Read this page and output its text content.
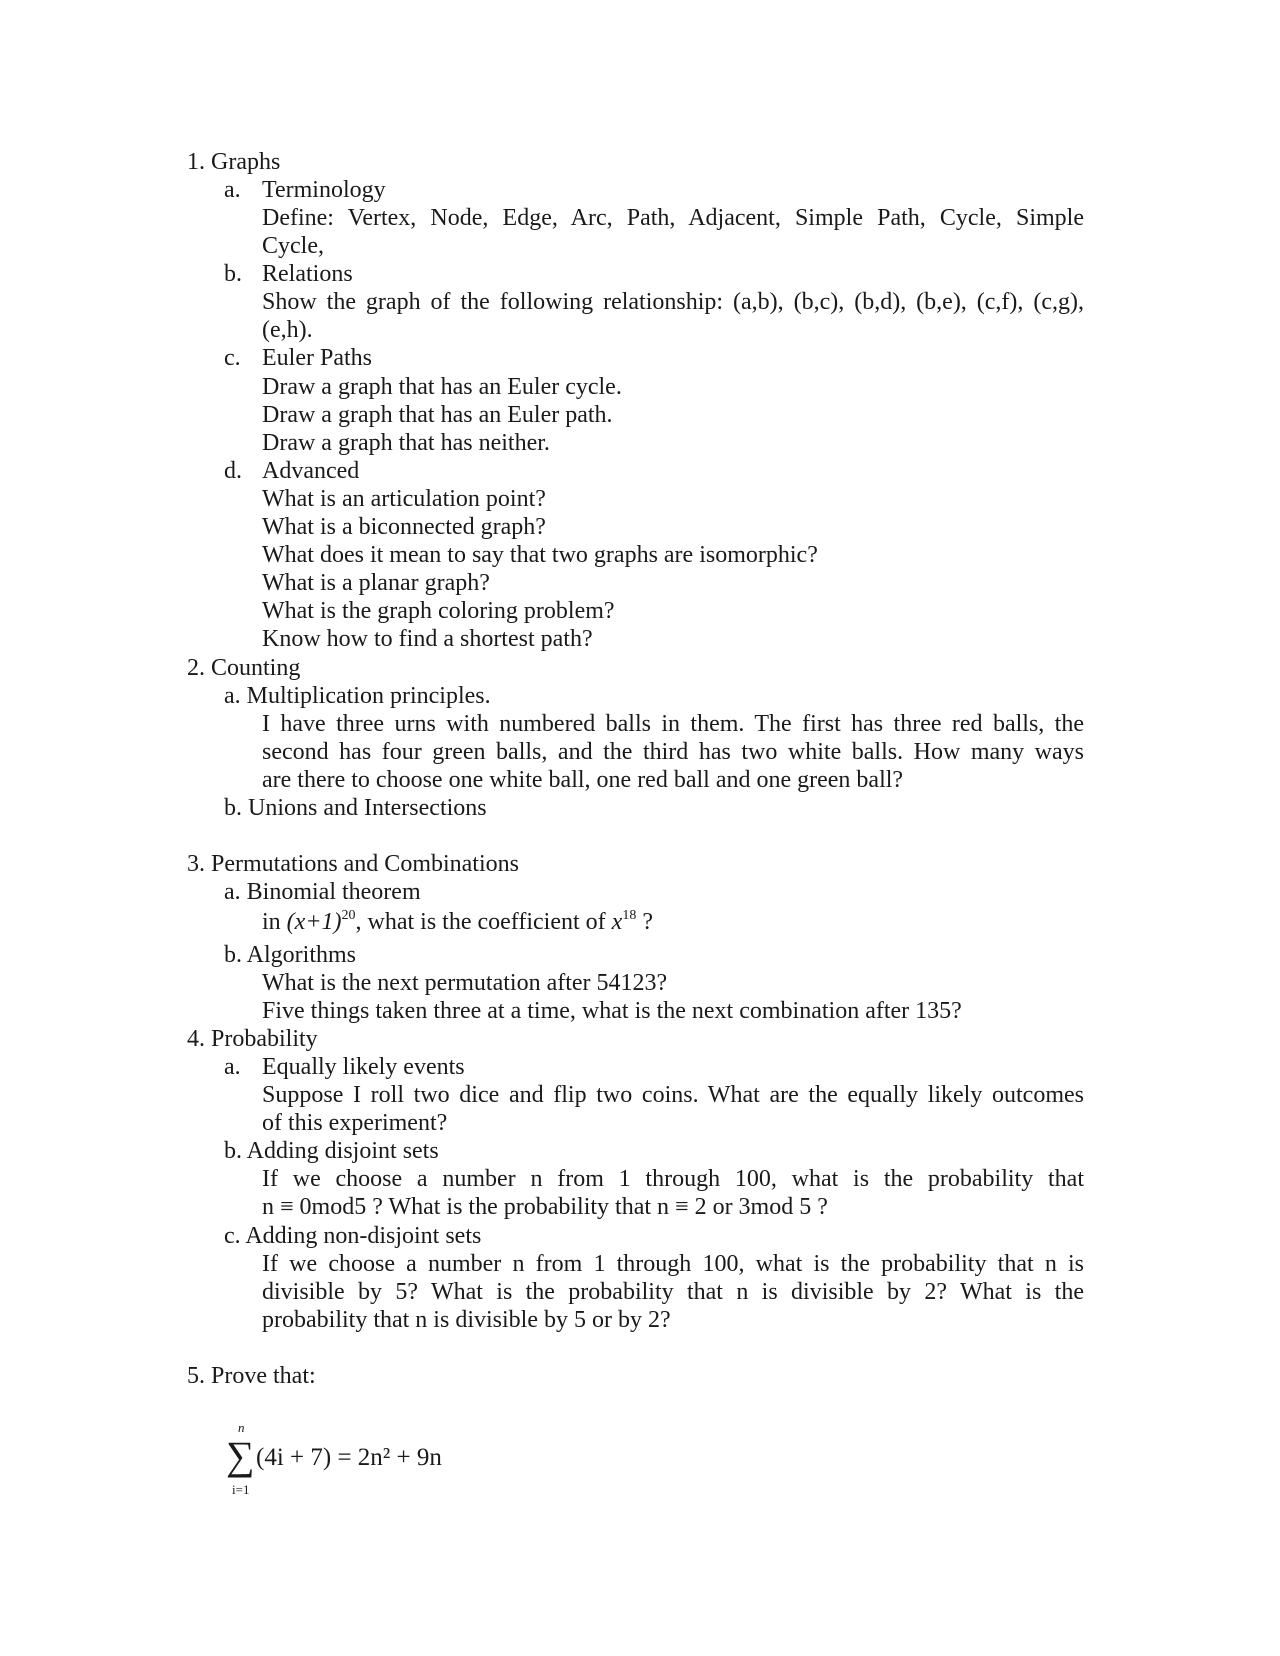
1. Graphs
a. Terminology
Define: Vertex, Node, Edge, Arc, Path, Adjacent, Simple Path, Cycle, Simple
Cycle,
b. Relations
Show the graph of the following relationship: (a,b), (b,c), (b,d), (b,e), (c,f), (c,g),
(e,h).
c. Euler Paths
Draw a graph that has an Euler cycle.
Draw a graph that has an Euler path.
Draw a graph that has neither.
d. Advanced
What is an articulation point?
What is a biconnected graph?
What does it mean to say that two graphs are isomorphic?
What is a planar graph?
What is the graph coloring problem?
Know how to find a shortest path?
2. Counting
a. Multiplication principles.
I have three urns with numbered balls in them. The first has three red balls, the
second has four green balls, and the third has two white balls. How many ways
are there to choose one white ball, one red ball and one green ball?
b. Unions and Intersections
3. Permutations and Combinations
a. Binomial theorem
in $(x+1)^{20}$, what is the coefficient of $x^{18}$ ?
b. Algorithms
What is the next permutation after 54123?
Five things taken three at a time, what is the next combination after 135?
4. Probability
a. Equally likely events
Suppose I roll two dice and flip two coins. What are the equally likely outcomes
of this experiment?
b. Adding disjoint sets
If we choose a number n from 1 through 100, what is the probability that
n ≡ 0mod5 ? What is the probability that n ≡ 2 or 3mod 5 ?
c. Adding non-disjoint sets
If we choose a number n from 1 through 100, what is the probability that n is
divisible by 5? What is the probability that n is divisible by 2? What is the
probability that n is divisible by 5 or by 2?
5. Prove that:
n
∑
i=1
(4i + 7) = 2n² + 9n
